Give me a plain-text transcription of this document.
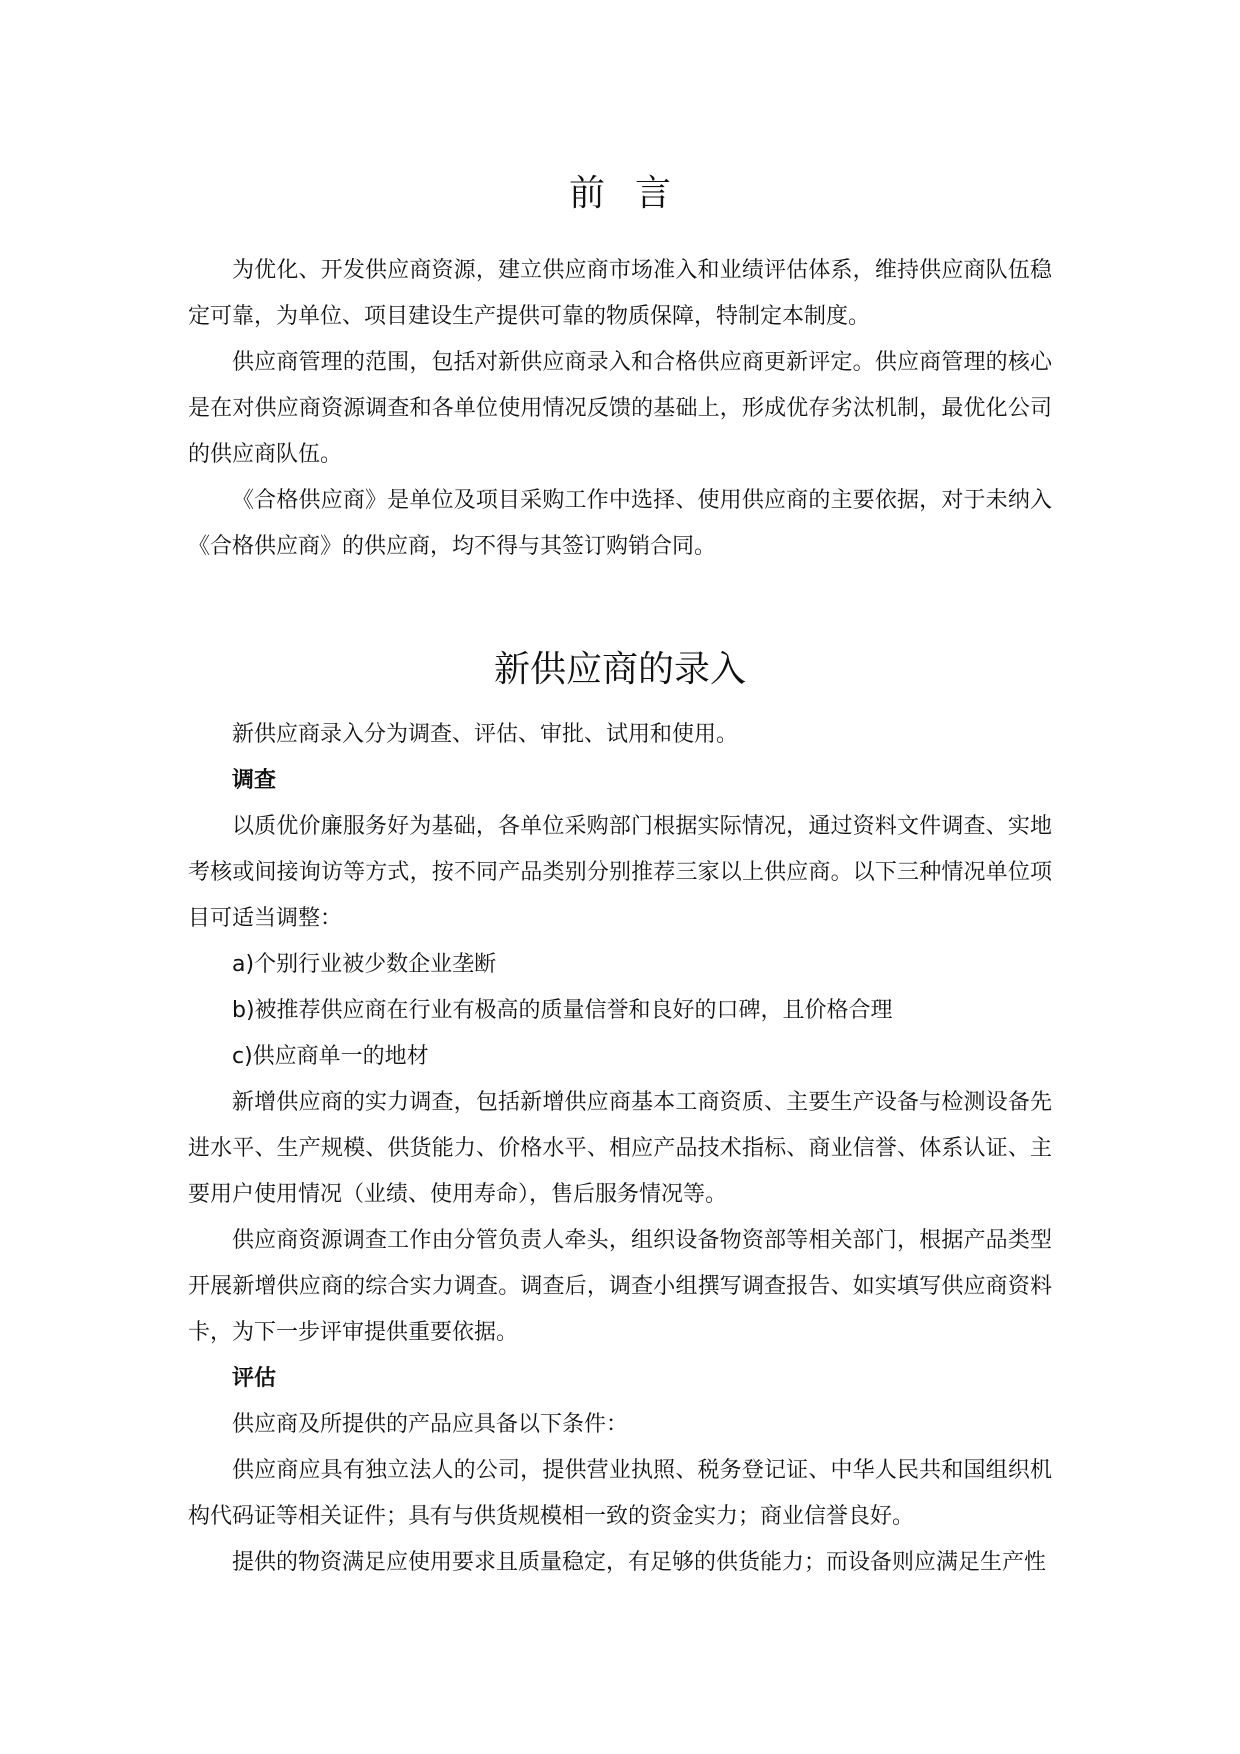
前言

为优化、开发供应商资源，建立供应商市场准入和业绩评估体系，维持供应商队伍稳定可靠，为单位、项目建设生产提供可靠的物质保障，特制定本制度。

供应商管理的范围，包括对新供应商录入和合格供应商更新评定。供应商管理的核心是在对供应商资源调查和各单位使用情况反馈的基础上，形成优存劣汰机制，最优化公司的供应商队伍。

《合格供应商》是单位及项目采购工作中选择、使用供应商的主要依据，对于未纳入《合格供应商》的供应商，均不得与其签订购销合同。

新供应商的录入

新供应商录入分为调查、评估、审批、试用和使用。

调查

以质优价廉服务好为基础，各单位采购部门根据实际情况，通过资料文件调查、实地考核或间接询访等方式，按不同产品类别分别推荐三家以上供应商。以下三种情况单位项目可适当调整：

a)个别行业被少数企业垄断
b)被推荐供应商在行业有极高的质量信誉和良好的口碑，且价格合理
c)供应商单一的地材

新增供应商的实力调查，包括新增供应商基本工商资质、主要生产设备与检测设备先进水平、生产规模、供货能力、价格水平、相应产品技术指标、商业信誉、体系认证、主要用户使用情况（业绩、使用寿命），售后服务情况等。

供应商资源调查工作由分管负责人牵头，组织设备物资部等相关部门，根据产品类型开展新增供应商的综合实力调查。调查后，调查小组撰写调查报告、如实填写供应商资料卡，为下一步评审提供重要依据。

评估

供应商及所提供的产品应具备以下条件：

供应商应具有独立法人的公司，提供营业执照、税务登记证、中华人民共和国组织机构代码证等相关证件；具有与供货规模相一致的资金实力；商业信誉良好。

提供的物资满足应使用要求且质量稳定，有足够的供货能力；而设备则应满足生产性
